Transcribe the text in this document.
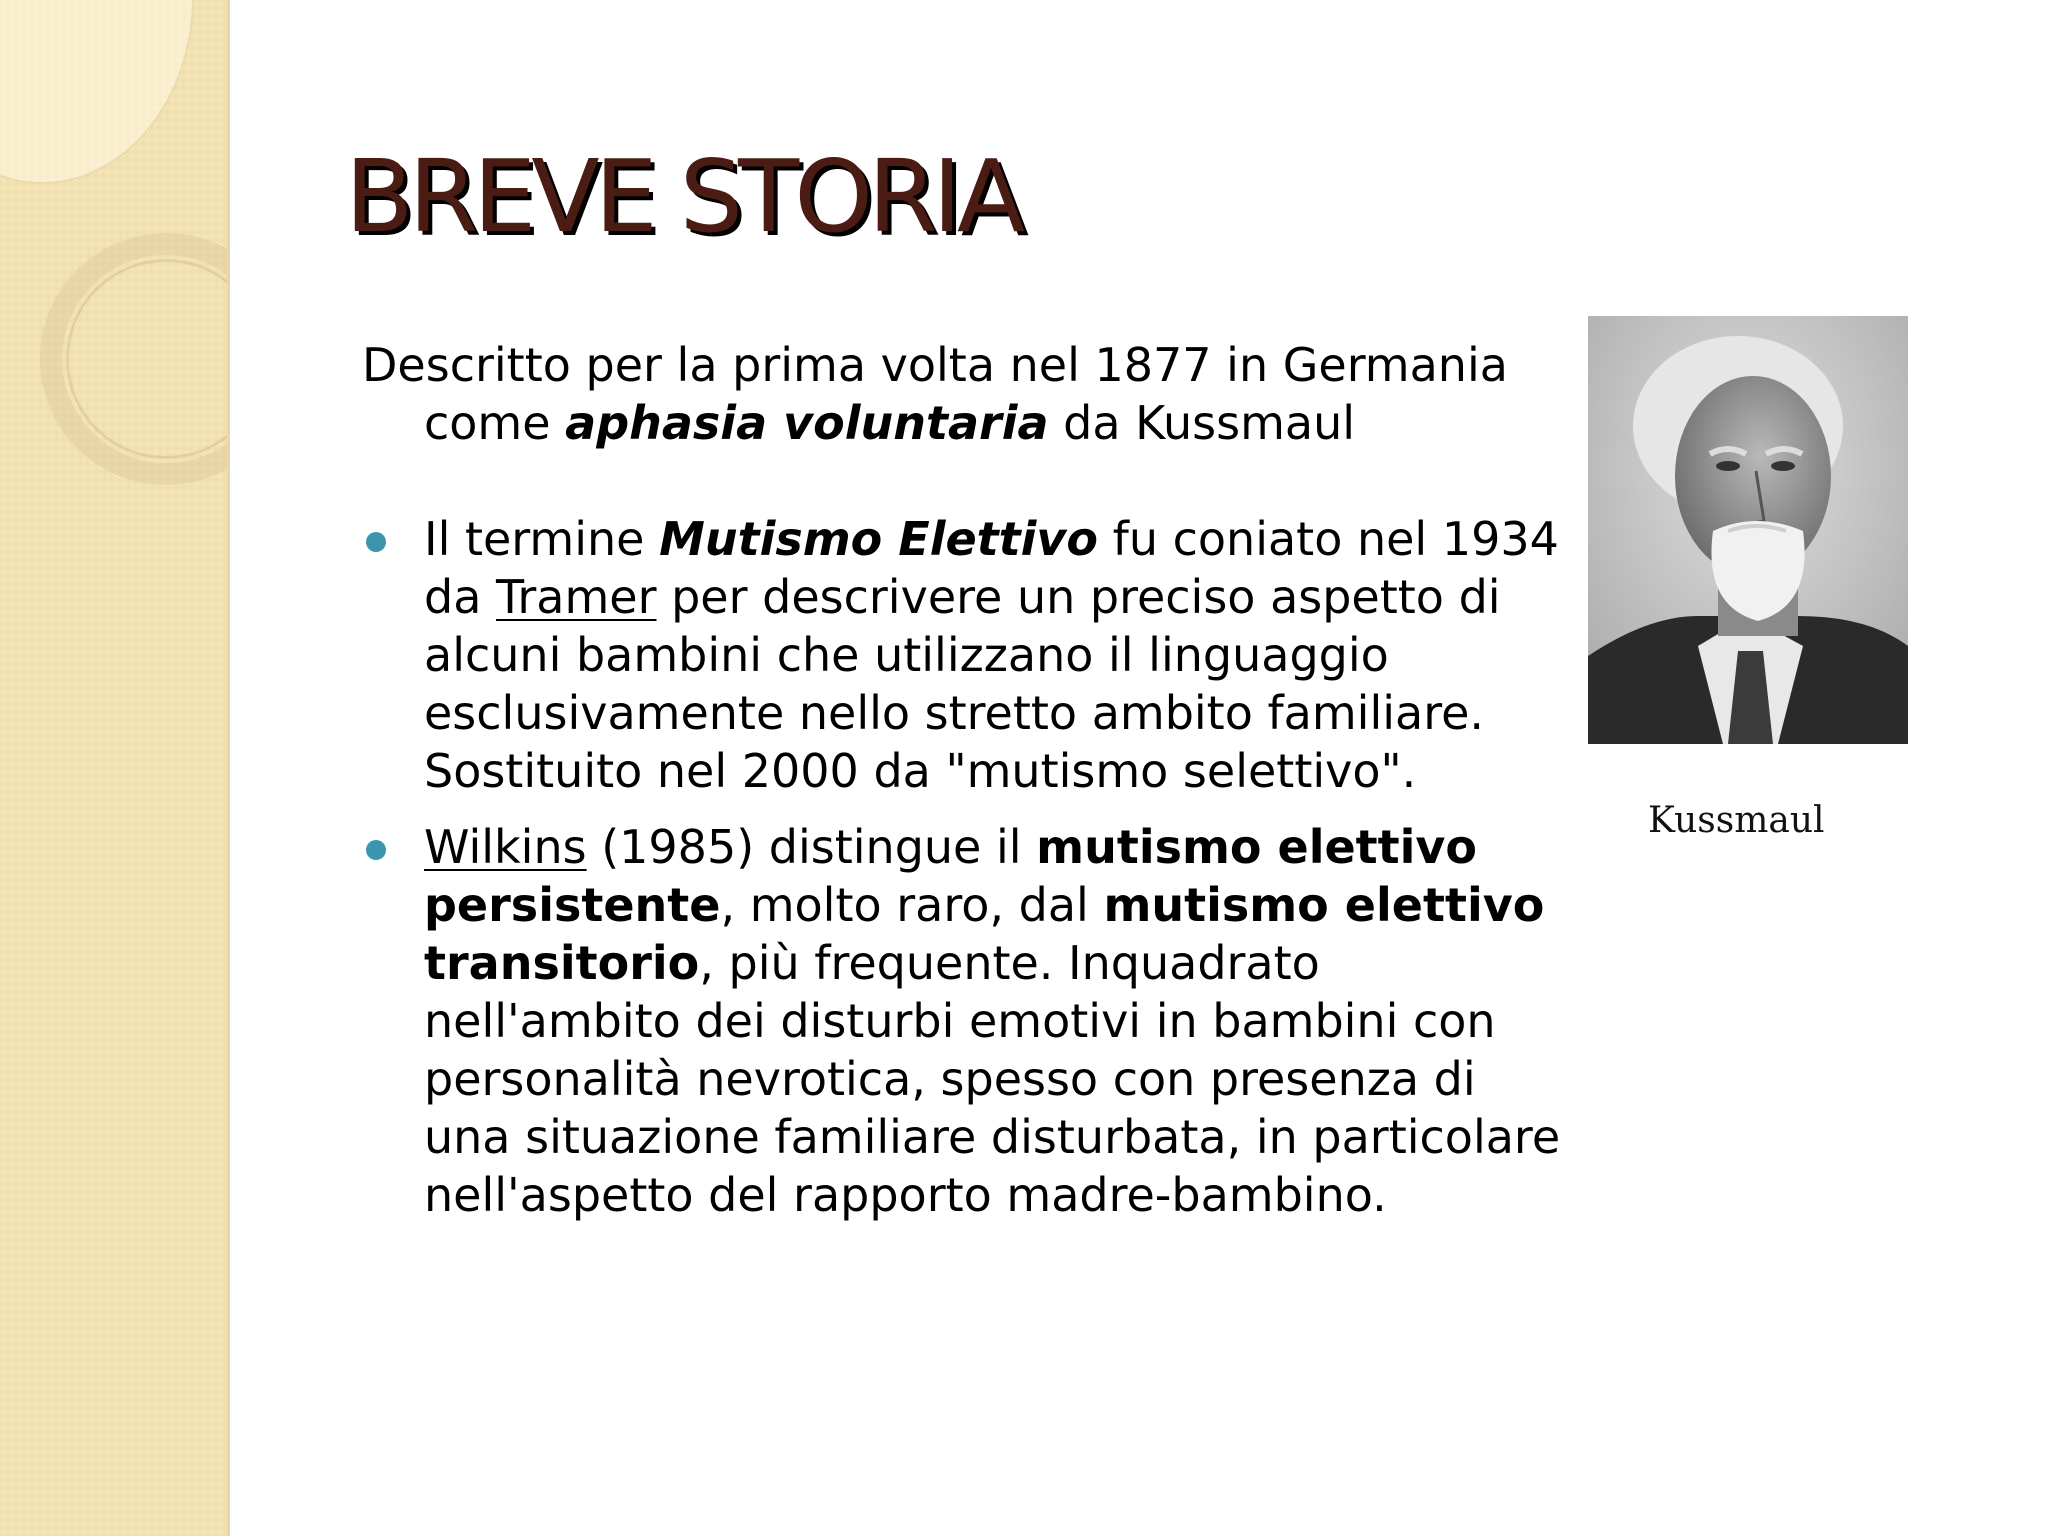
BREVE STORIA

Descritto per la prima volta nel 1877 in Germania come aphasia voluntaria da Kussmaul

Il termine Mutismo Elettivo fu coniato nel 1934 da Tramer per descrivere un preciso aspetto di alcuni bambini che utilizzano il linguaggio esclusivamente nello stretto ambito familiare. Sostituito nel 2000 da "mutismo selettivo".
Wilkins (1985) distingue il mutismo elettivo persistente, molto raro, dal mutismo elettivo transitorio, più frequente. Inquadrato nell'ambito dei disturbi emotivi in bambini con personalità nevrotica, spesso con presenza di una situazione familiare disturbata, in particolare nell'aspetto del rapporto madre-bambino.
Kussmaul
